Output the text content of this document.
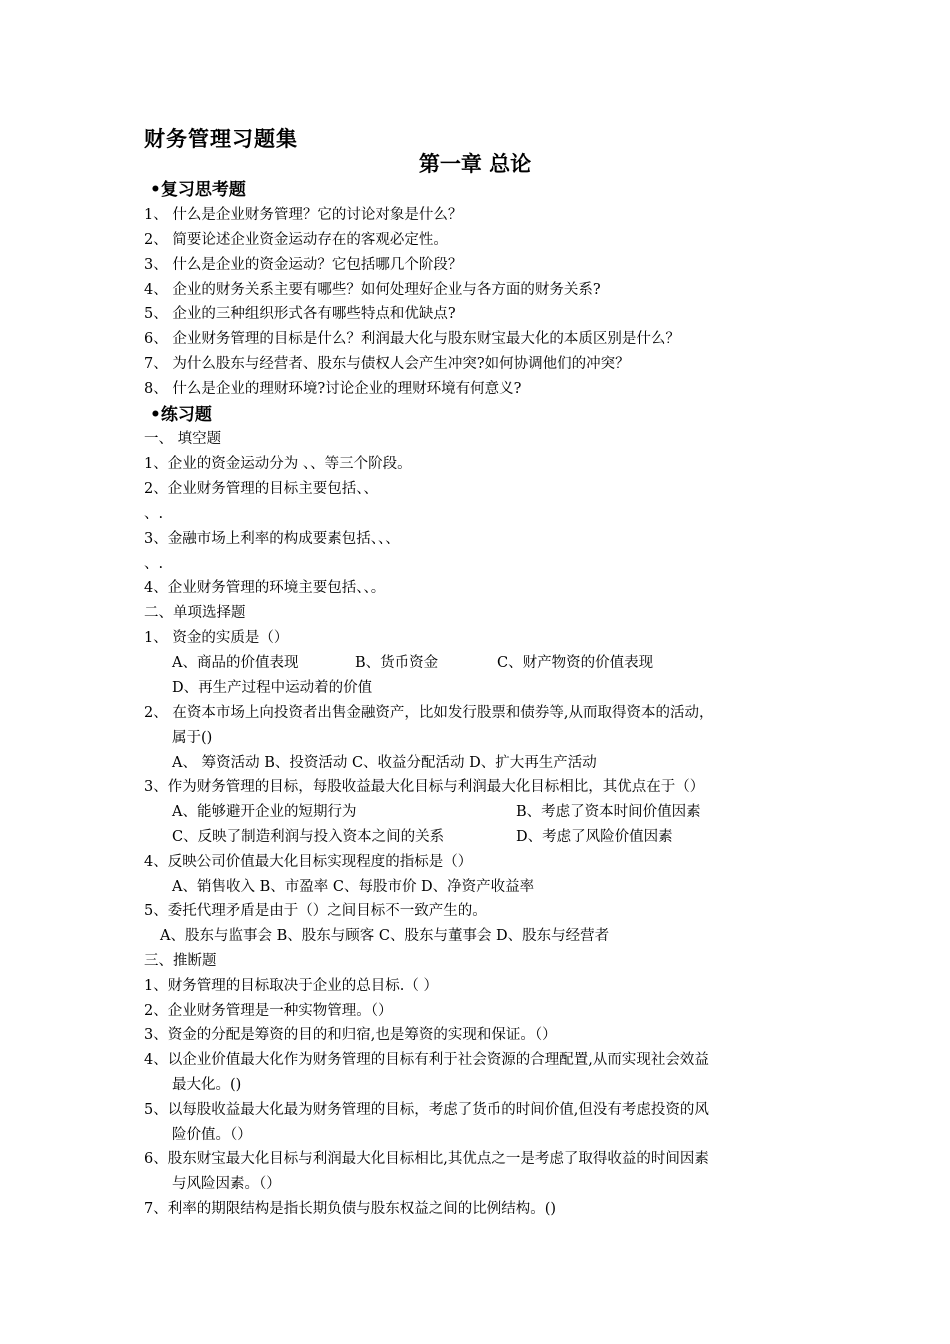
财务管理习题集
第一章 总论
•复习思考题
1、 什么是企业财务管理？它的讨论对象是什么？
2、 简要论述企业资金运动存在的客观必定性。
3、 什么是企业的资金运动？它包括哪几个阶段？
4、 企业的财务关系主要有哪些？如何处理好企业与各方面的财务关系?
5、 企业的三种组织形式各有哪些特点和优缺点?
6、 企业财务管理的目标是什么？利润最大化与股东财宝最大化的本质区别是什么？
7、 为什么股东与经营者、股东与债权人会产生冲突?如何协调他们的冲突？
8、 什么是企业的理财环境?讨论企业的理财环境有何意义?
•练习题
一、 填空题
1、企业的资金运动分为 、、等三个阶段。
2、企业财务管理的目标主要包括、、
、.
3、金融市场上利率的构成要素包括、、、
、.
4、企业财务管理的环境主要包括、、。
二、单项选择题
1、 资金的实质是（）
A、商品的价值表现	B、货币资金	C、财产物资的价值表现
D、再生产过程中运动着的价值
2、 在资本市场上向投资者出售金融资产，比如发行股票和债券等,从而取得资本的活动，
属于()
A、 筹资活动 B、投资活动 C、收益分配活动 D、扩大再生产活动
3、作为财务管理的目标，每股收益最大化目标与利润最大化目标相比，其优点在于（）
A、能够避开企业的短期行为	B、考虑了资本时间价值因素
C、反映了制造利润与投入资本之间的关系	D、考虑了风险价值因素
4、反映公司价值最大化目标实现程度的指标是（）
A、销售收入 B、市盈率 C、每股市价 D、净资产收益率
5、委托代理矛盾是由于（）之间目标不一致产生的。
A、股东与监事会 B、股东与顾客 C、股东与董事会 D、股东与经营者
三、推断题
1、财务管理的目标取决于企业的总目标.（ ）
2、企业财务管理是一种实物管理。（）
3、资金的分配是筹资的目的和归宿,也是筹资的实现和保证。（）
4、以企业价值最大化作为财务管理的目标有利于社会资源的合理配置,从而实现社会效益
最大化。()
5、以每股收益最大化最为财务管理的目标，考虑了货币的时间价值,但没有考虑投资的风
险价值。（）
6、股东财宝最大化目标与利润最大化目标相比,其优点之一是考虑了取得收益的时间因素
与风险因素。（）
7、利率的期限结构是指长期负债与股东权益之间的比例结构。()
